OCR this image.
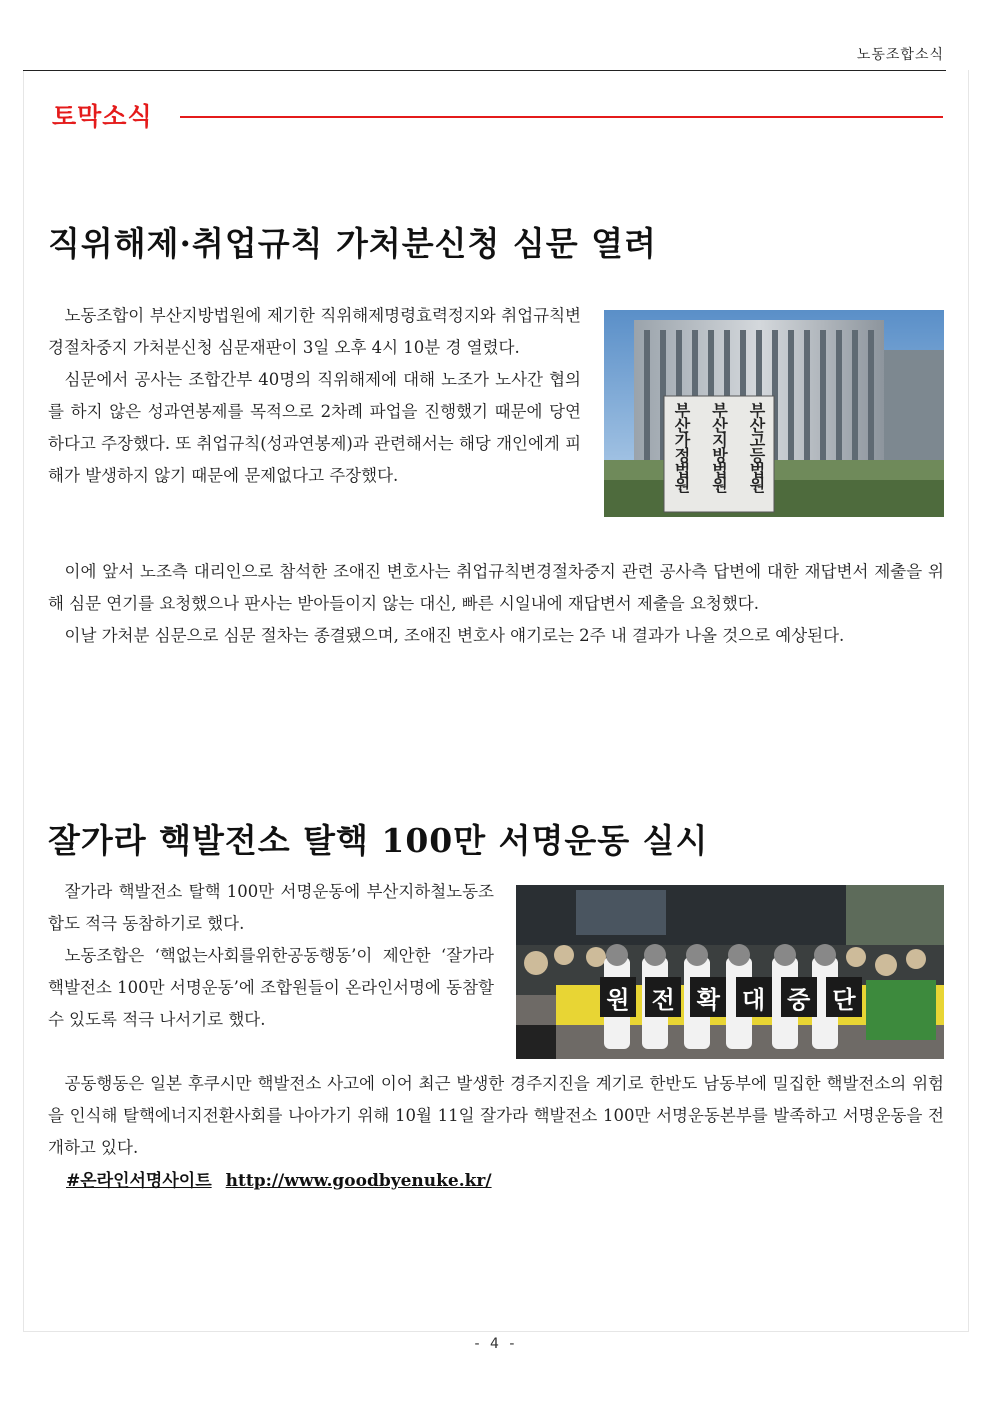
노동조합소식
토막소식
직위해제·취업규칙 가처분신청 심문 열려

노동조합이 부산지방법원에 제기한 직위해제명령효력정지와 취업규칙변경절차중지 가처분신청 심문재판이 3일 오후 4시 10분 경 열렸다.

심문에서 공사는 조합간부 40명의 직위해제에 대해 노조가 노사간 협의를 하지 않은 성과연봉제를 목적으로 2차례 파업을 진행했기 때문에 당연하다고 주장했다. 또 취업규칙(성과연봉제)과 관련해서는 해당 개인에게 피해가 발생하지 않기 때문에 문제없다고 주장했다.	부산가정법원 부산지방법원 부산고등법원

이에 앞서 노조측 대리인으로 참석한 조애진 변호사는 취업규칙변경절차중지 관련 공사측 답변에 대한 재답변서 제출을 위해 심문 연기를 요청했으나 판사는 받아들이지 않는 대신, 빠른 시일내에 재답변서 제출을 요청했다.

이날 가처분 심문으로 심문 절차는 종결됐으며, 조애진 변호사 얘기로는 2주 내 결과가 나올 것으로 예상된다.

잘가라 핵발전소 탈핵 100만 서명운동 실시

잘가라 핵발전소 탈핵 100만 서명운동에 부산지하철노동조합도 적극 동참하기로 했다.

노동조합은 ‘핵없는사회를위한공동행동’이 제안한 ‘잘가라 핵발전소 100만 서명운동’에 조합원들이 온라인서명에 동참할 수 있도록 적극 나서기로 했다.

원 전 확 대 중 단

공동행동은 일본 후쿠시만 핵발전소 사고에 이어 최근 발생한 경주지진을 계기로 한반도 남동부에 밀집한 핵발전소의 위험을 인식해 탈핵에너지전환사회를 나아가기 위해 10월 11일 잘가라 핵발전소 100만 서명운동본부를 발족하고 서명운동을 전개하고 있다.

#온라인서명사이트 http://www.goodbyenuke.kr/
- 4 -
